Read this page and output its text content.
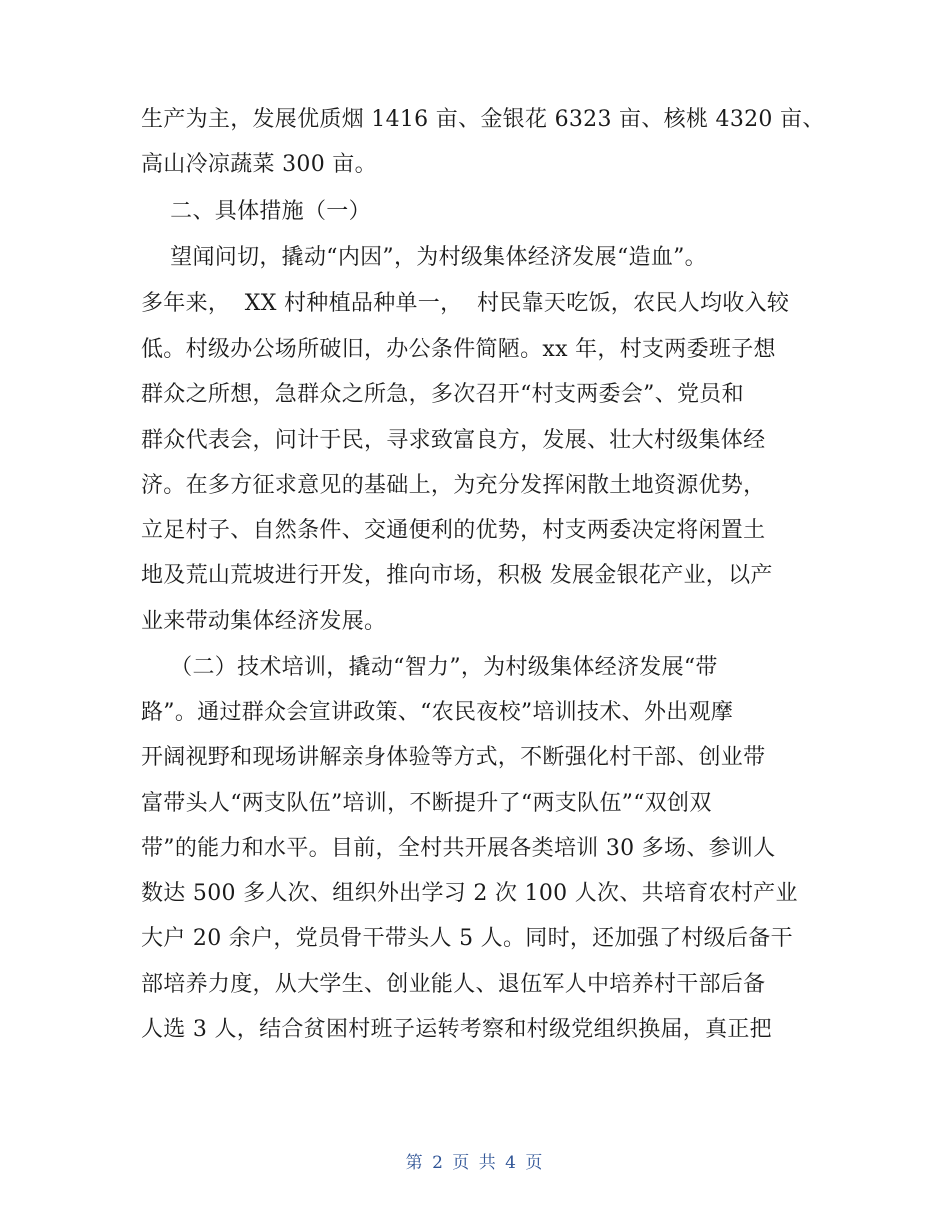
生产为主，发展优质烟 1416 亩、金银花 6323 亩、核桃 4320 亩、
高山冷凉蔬菜 300 亩。
二、具体措施（一）
望闻问切，撬动“内因”，为村级集体经济发展“造血”。
多年来，  XX 村种植品种单一，  村民靠天吃饭，农民人均收入较
低。村级办公场所破旧，办公条件简陋。xx 年，村支两委班子想
群众之所想，急群众之所急，多次召开“村支两委会”、党员和
群众代表会，问计于民，寻求致富良方，发展、壮大村级集体经
济。在多方征求意见的基础上，为充分发挥闲散土地资源优势，
立足村子、自然条件、交通便利的优势，村支两委决定将闲置土
地及荒山荒坡进行开发，推向市场，积极 发展金银花产业，以产
业来带动集体经济发展。
（二）技术培训，撬动“智力”，为村级集体经济发展“带
路”。通过群众会宣讲政策、“农民夜校”培训技术、外出观摩
开阔视野和现场讲解亲身体验等方式，不断强化村干部、创业带
富带头人“两支队伍”培训，不断提升了“两支队伍”“双创双
带”的能力和水平。目前，全村共开展各类培训 30 多场、参训人
数达 500 多人次、组织外出学习 2 次 100 人次、共培育农村产业
大户 20 余户，党员骨干带头人 5 人。同时，还加强了村级后备干
部培养力度，从大学生、创业能人、退伍军人中培养村干部后备
人选 3 人，结合贫困村班子运转考察和村级党组织换届，真正把
第 2 页 共 4 页
